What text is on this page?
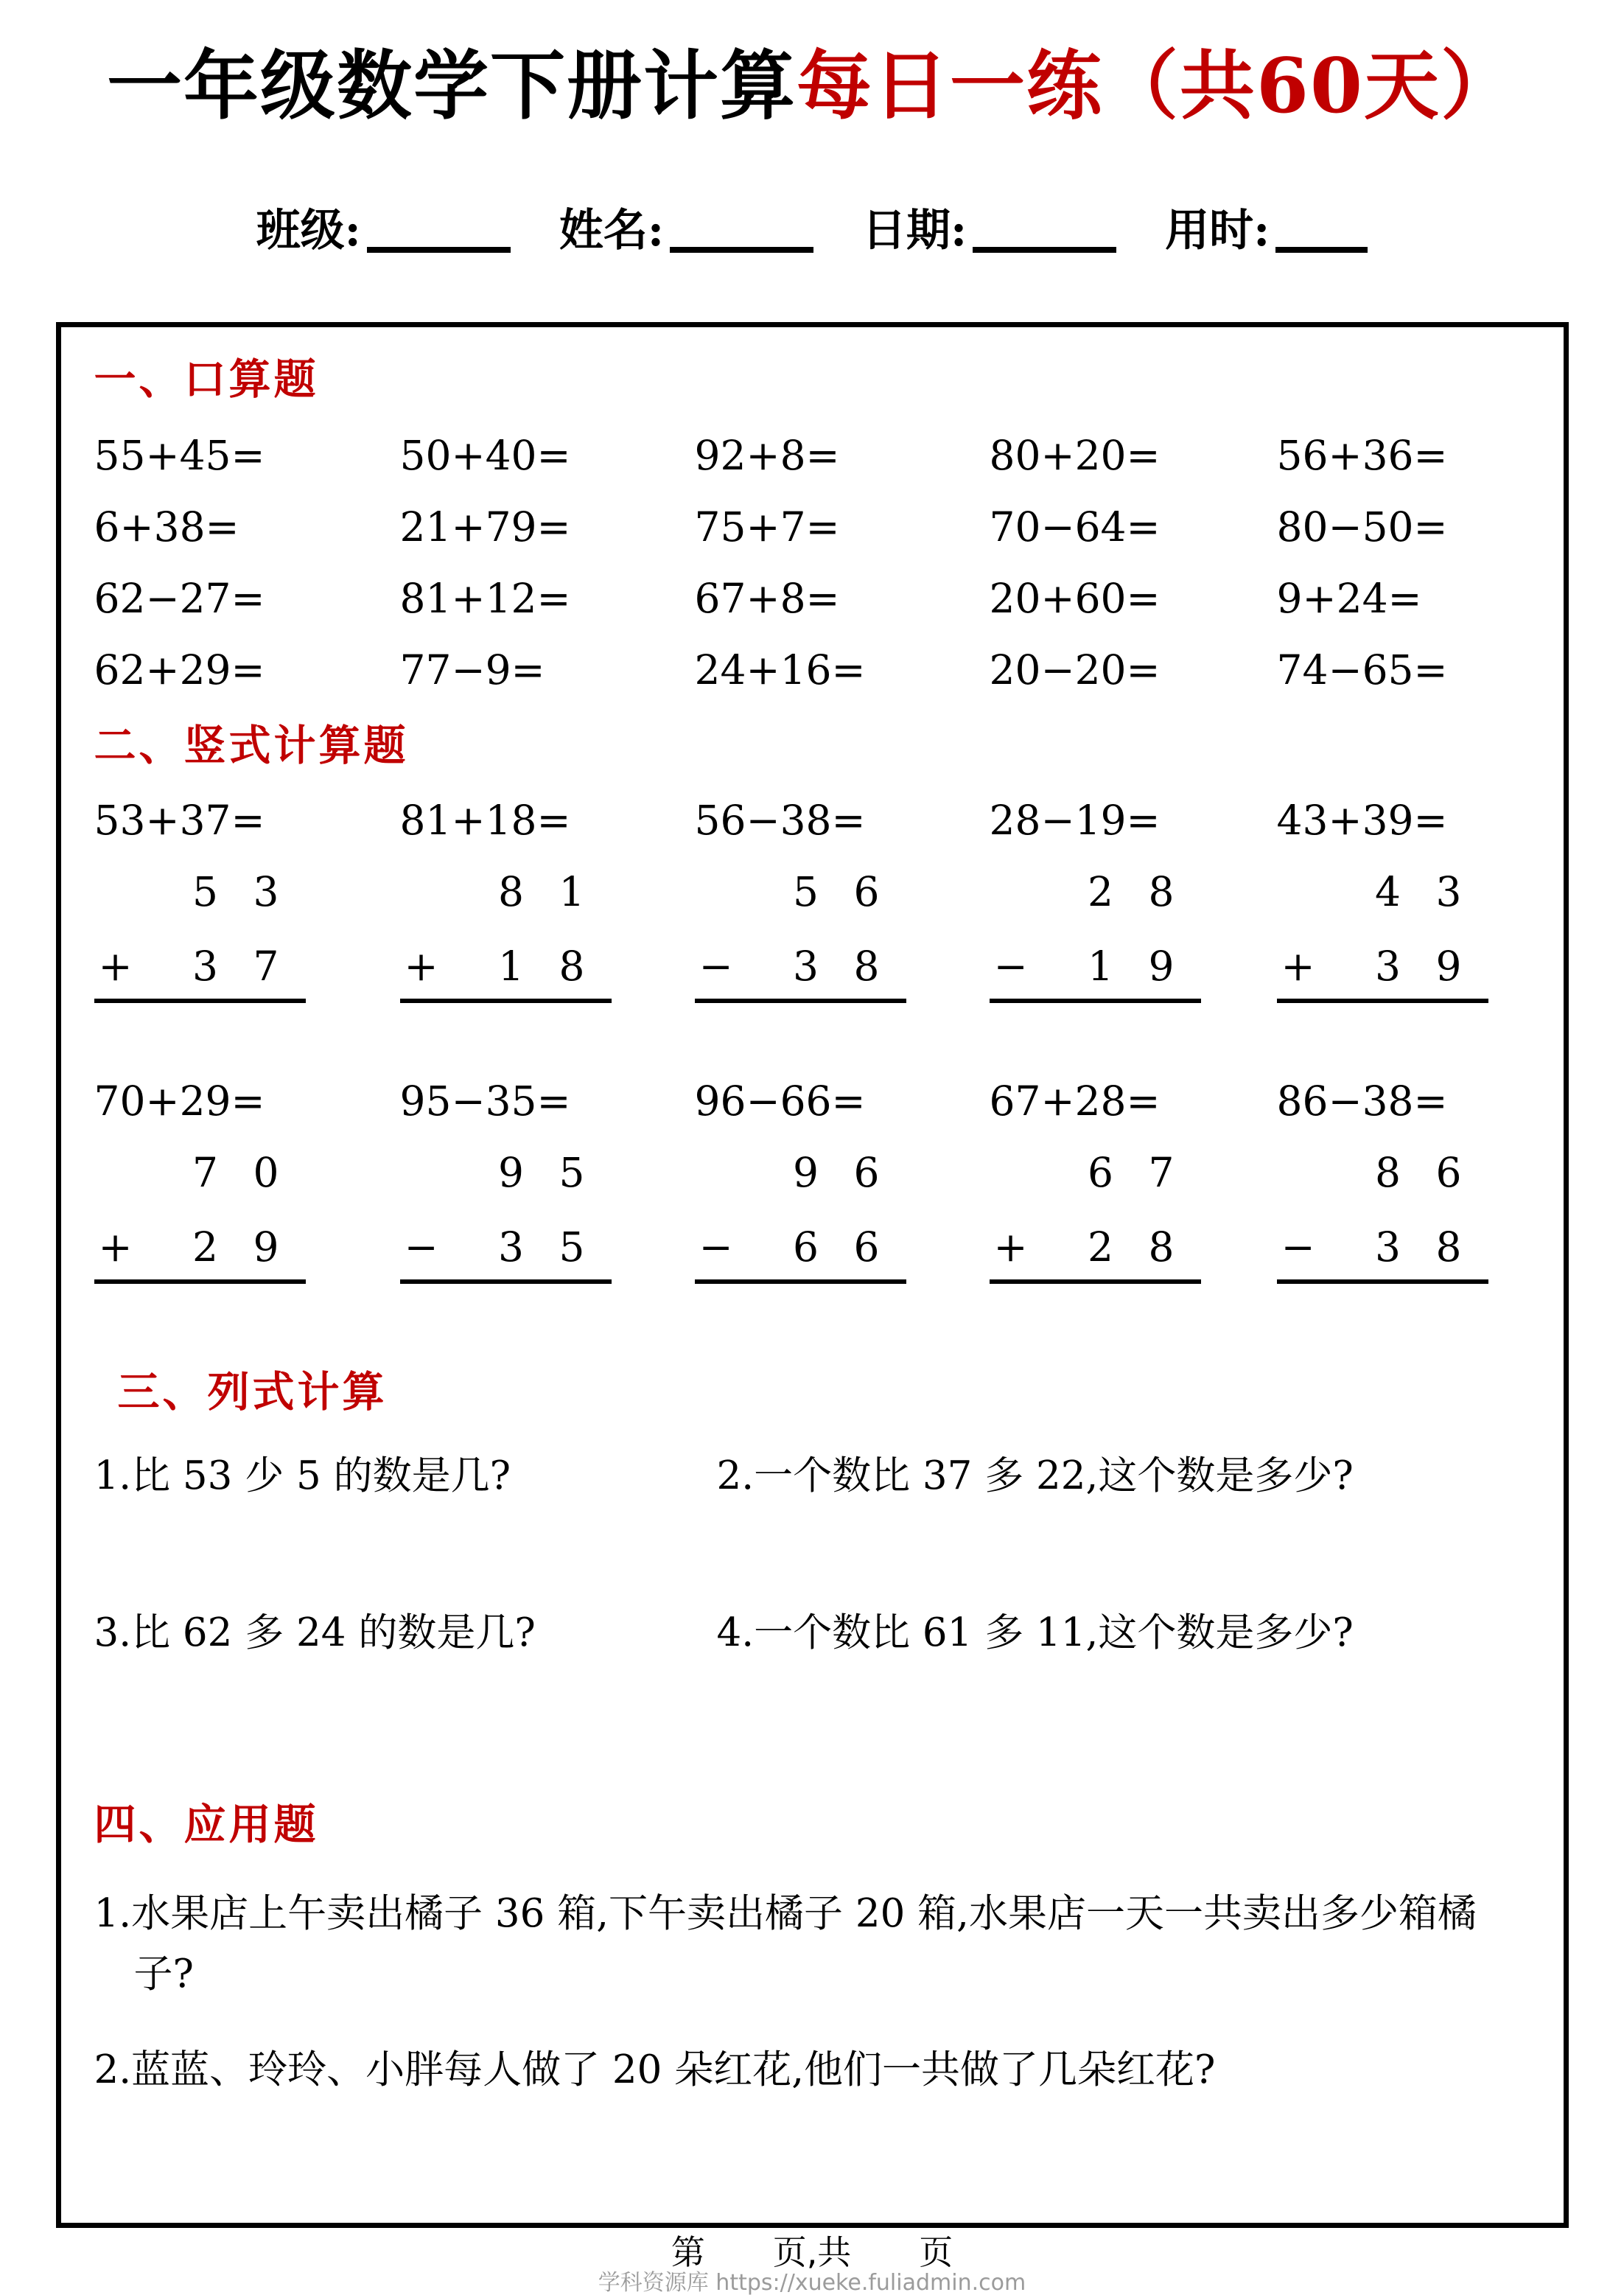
一年级数学下册计算每日一练（共60天）
班级:	姓名:	日期:	用时:
一、口算题
55+45=	50+40=	92+8=	80+20=	56+36=
6+38=	21+79=	75+7=	70−64=	80−50=
62−27=	81+12=	67+8=	20+60=	9+24=
62+29=	77−9=	24+16=	20−20=	74−65=
二、竖式计算题
53+37=	81+18=	56−38=	28−19=	43+39=
5 3
+ 3 7
8 1
+ 1 8
5 6
− 3 8
2 8
− 1 9
4 3
+ 3 9
70+29=	95−35=	96−66=	67+28=	86−38=
7 0
+ 2 9
9 5
− 3 5
9 6
− 6 6
6 7
+ 2 8
8 6
− 3 8
三、列式计算
1.比 53 少 5 的数是几?	2.一个数比 37 多 22,这个数是多少?
3.比 62 多 24 的数是几?	4.一个数比 61 多 11,这个数是多少?
四、应用题

1.水果店上午卖出橘子 36 箱,下午卖出橘子 20 箱,水果店一天一共卖出多少箱橘子?

2.蓝蓝、玲玲、小胖每人做了 20 朵红花,他们一共做了几朵红花?

第　　页,共　　页
学科资源库 https://xueke.fuliadmin.com
